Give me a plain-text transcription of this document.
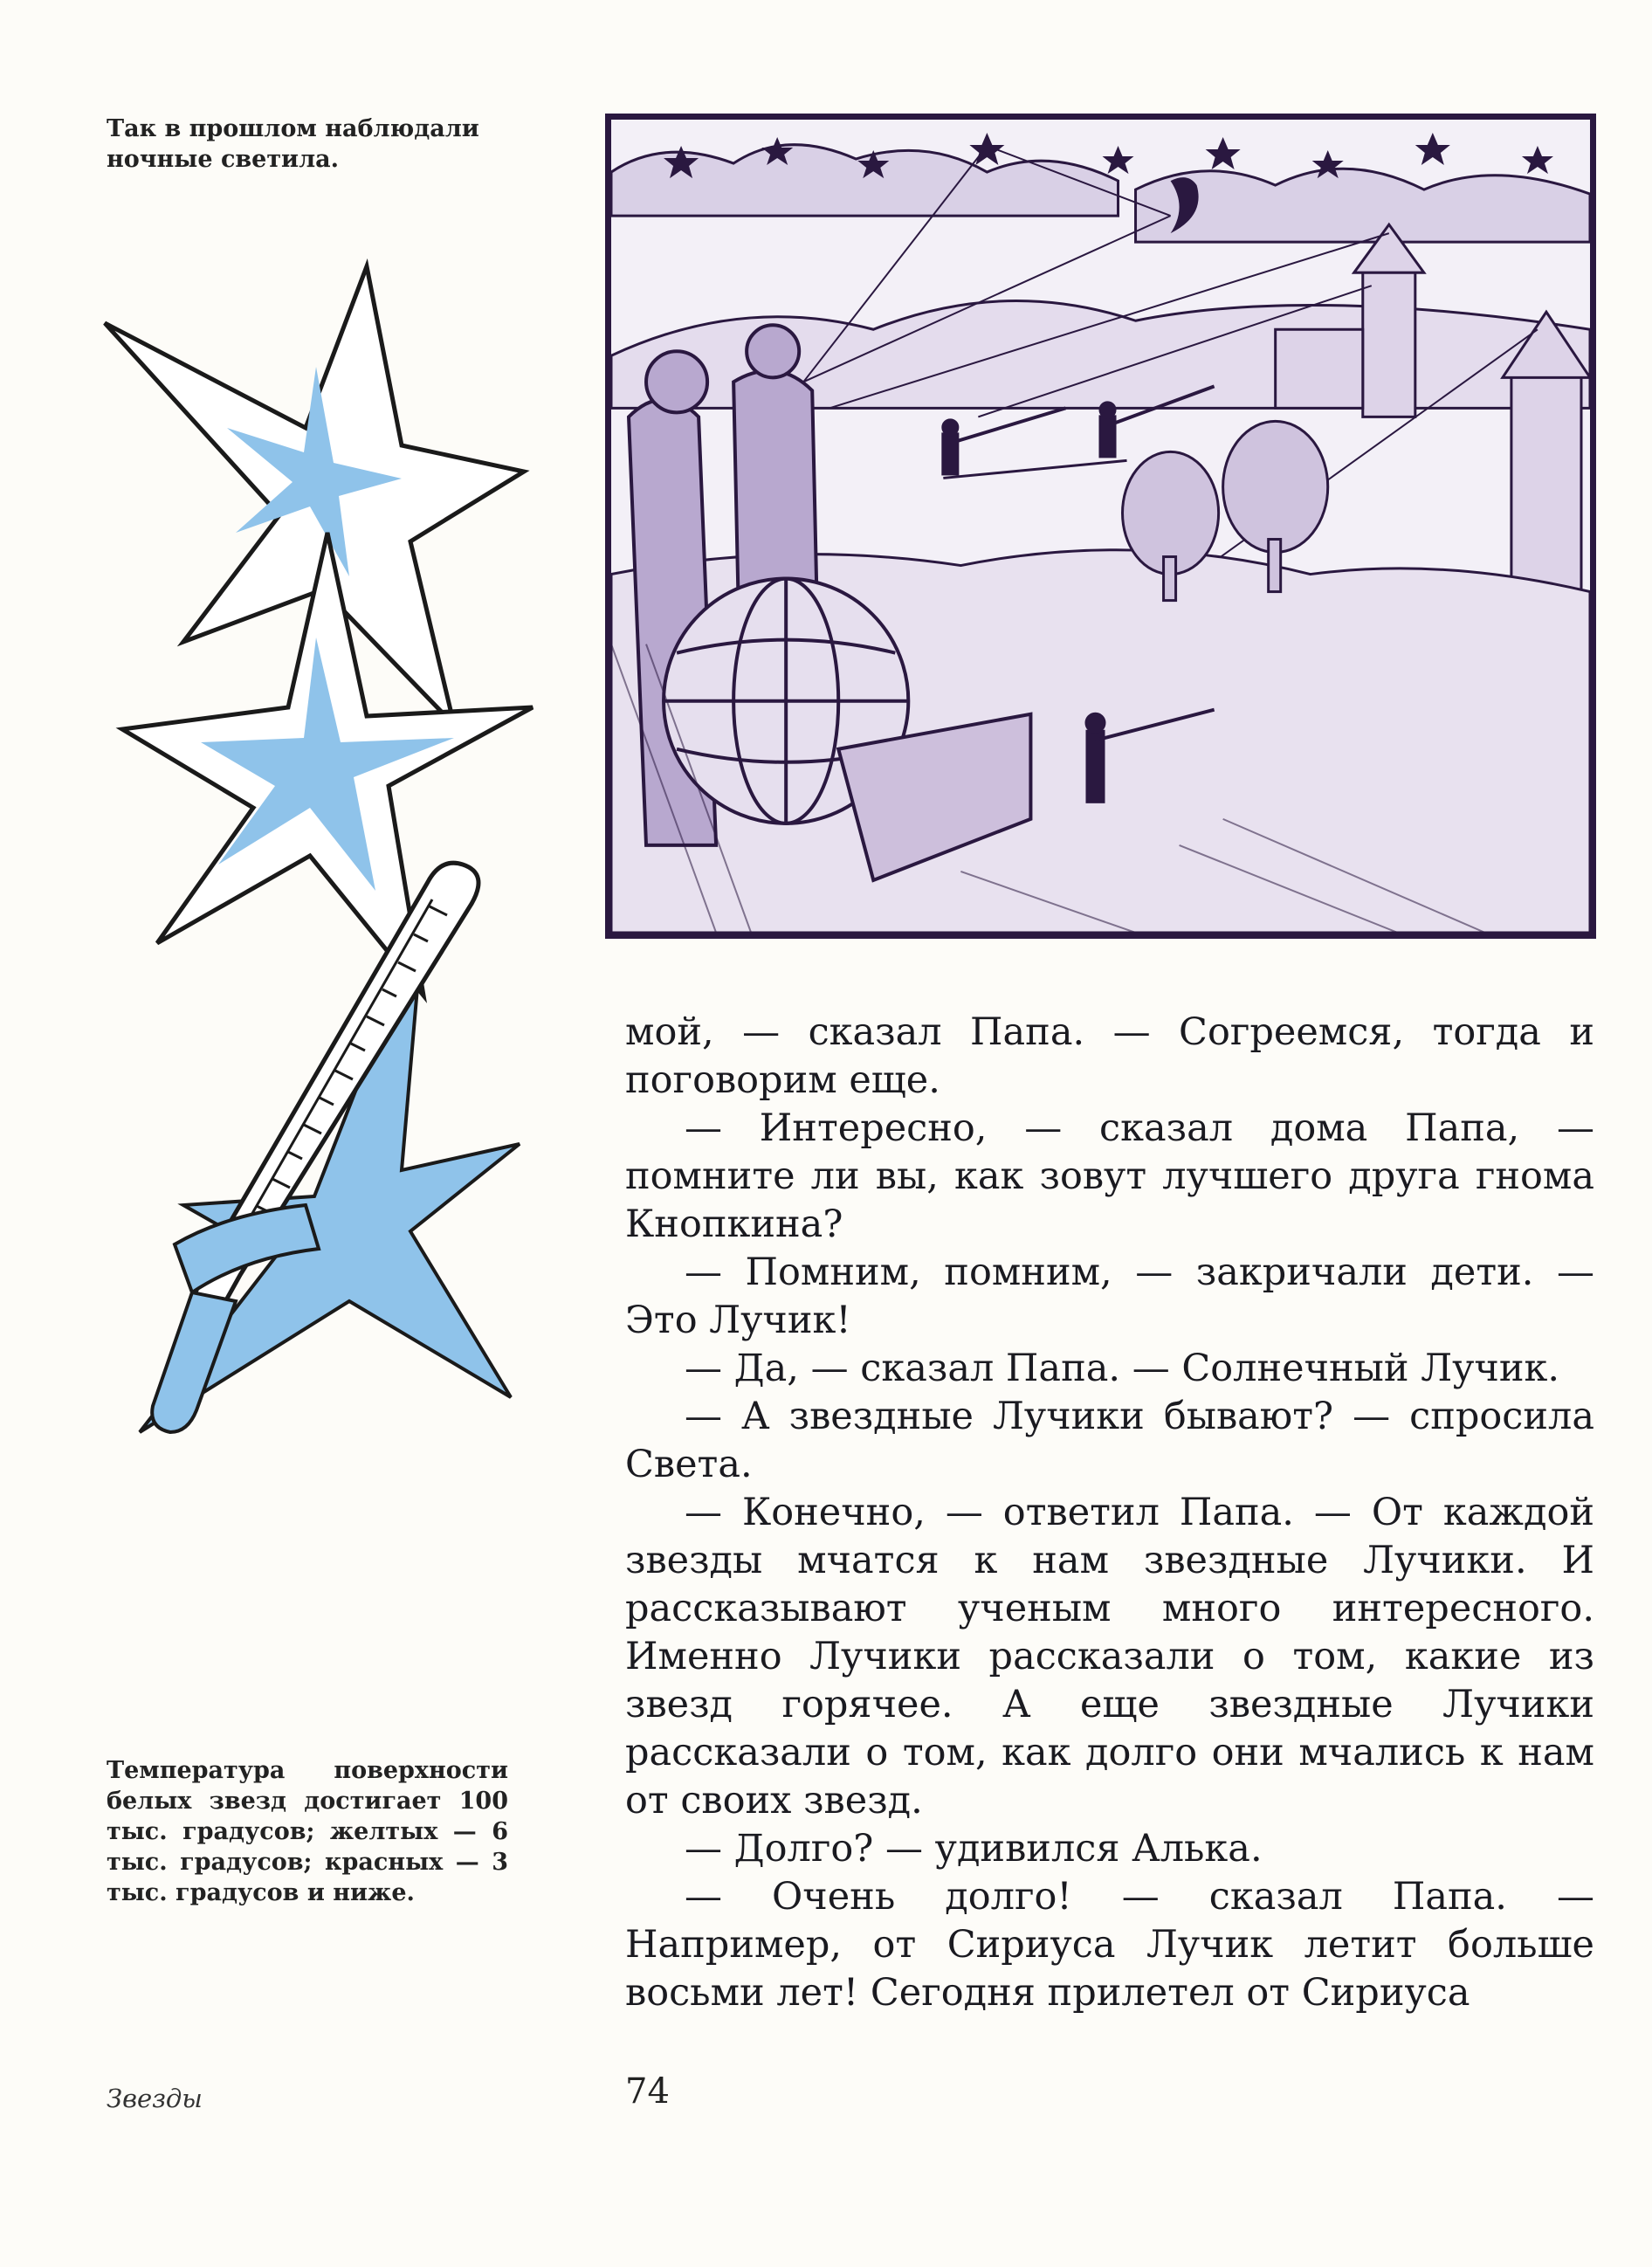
Так в прошлом наблюдали ночные светила.

мой, — сказал Папа. — Согреемся, тогда и поговорим еще.

— Интересно, — сказал дома Папа, — помните ли вы, как зовут лучшего друга гнома Кнопкина?

— Помним, помним, — закричали дети. — Это Лучик!

— Да, — сказал Папа. — Солнечный Лучик.

— А звездные Лучики бывают? — спросила Света.

— Конечно, — ответил Папа. — От каждой звезды мчатся к нам звездные Лучики. И рассказывают ученым много интересного. Именно Лучики рассказали о том, какие из звезд горячее. А еще звездные Лучики рассказали о том, как долго они мчались к нам от своих звезд.

— Долго? — удивился Алька.

— Очень долго! — сказал Папа. — Например, от Сириуса Лучик летит больше восьми лет! Сегодня прилетел от Сириуса

Температура поверхности белых звезд достигает 100 тыс. градусов; желтых — 6 тыс. градусов; красных — 3 тыс. градусов и ниже.
Звезды	74
